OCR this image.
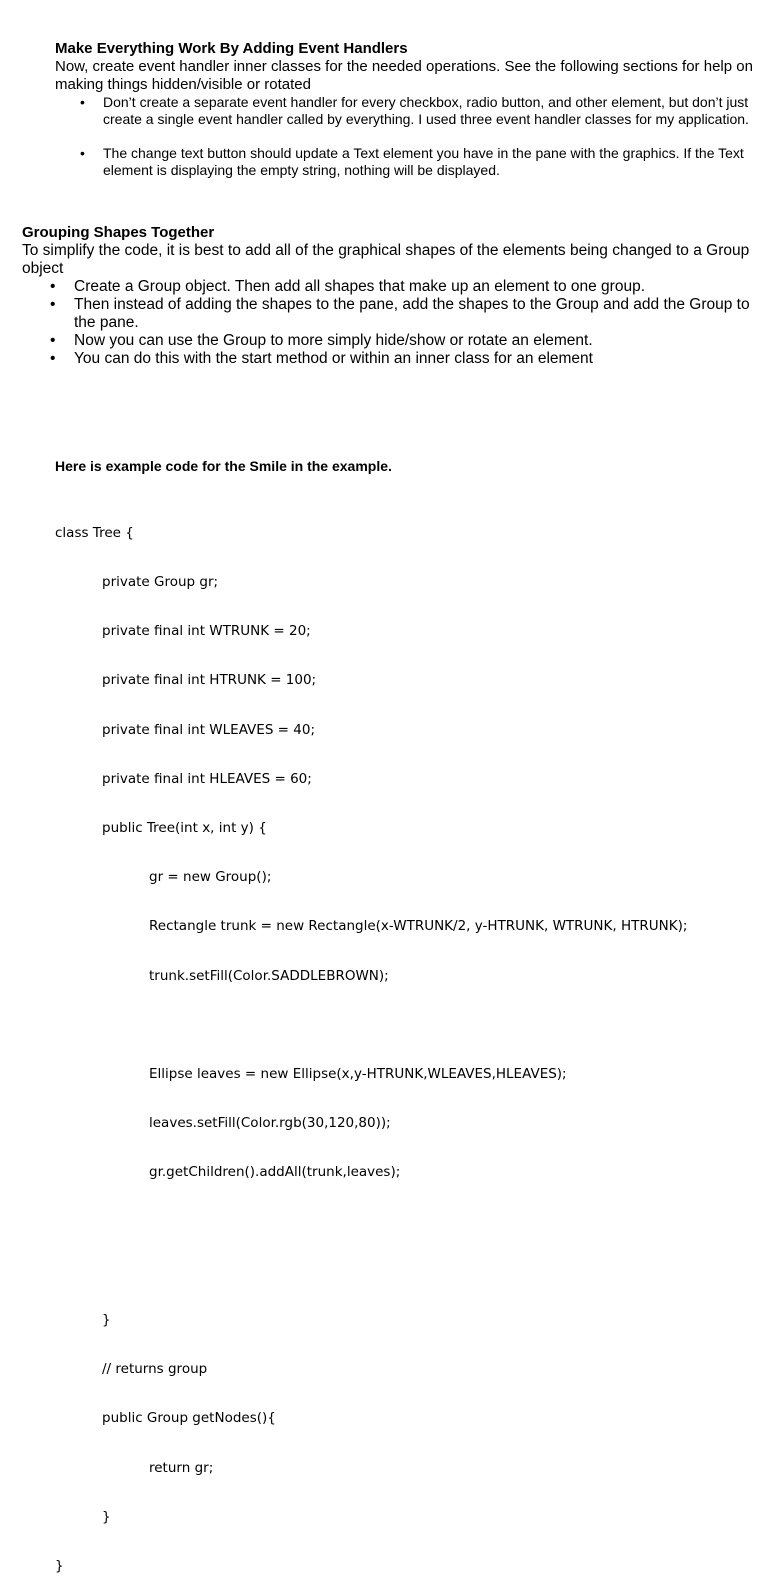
Make Everything Work By Adding Event Handlers

Now, create event handler inner classes for the needed operations. See the following sections for help on making things hidden/visible or rotated

• Don’t create a separate event handler for every checkbox, radio button, and other element, but don’t just create a single event handler called by everything. I used three event handler classes for my application.
• The change text button should update a Text element you have in the pane with the graphics. If the Text element is displaying the empty string, nothing will be displayed.
Grouping Shapes Together

To simplify the code, it is best to add all of the graphical shapes of the elements being changed to a Group object

• Create a Group object. Then add all shapes that make up an element to one group.
• Then instead of adding the shapes to the pane, add the shapes to the Group and add the Group to the pane.
• Now you can use the Group to more simply hide/show or rotate an element.
• You can do this with the start method or within an inner class for an element

Here is example code for the Smile in the example.

class Tree {

private Group gr;

private final int WTRUNK = 20;

private final int HTRUNK = 100;

private final int WLEAVES = 40;

private final int HLEAVES = 60;

public Tree(int x, int y) {

gr = new Group();

Rectangle trunk = new Rectangle(x-WTRUNK/2, y-HTRUNK, WTRUNK, HTRUNK);

trunk.setFill(Color.SADDLEBROWN);

Ellipse leaves = new Ellipse(x,y-HTRUNK,WLEAVES,HLEAVES);

leaves.setFill(Color.rgb(30,120,80));

gr.getChildren().addAll(trunk,leaves);

}

// returns group

public Group getNodes(){

return gr;

}

}
